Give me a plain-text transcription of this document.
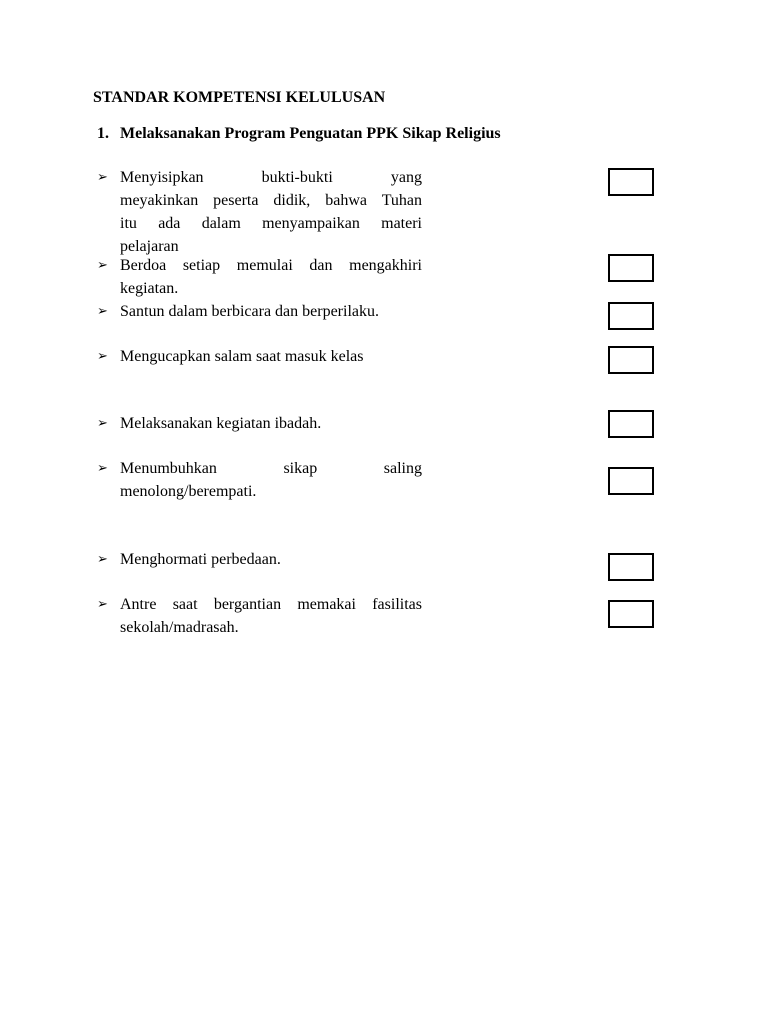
STANDAR KOMPETENSI KELULUSAN
1. Melaksanakan Program Penguatan PPK Sikap Religius
➢ Menyisipkan bukti-bukti yang
meyakinkan peserta didik, bahwa Tuhan
itu ada dalam menyampaikan materi
pelajaran
➢ Berdoa setiap memulai dan mengakhiri
kegiatan.
➢ Santun dalam berbicara dan berperilaku.
➢ Mengucapkan salam saat masuk kelas
➢ Melaksanakan kegiatan ibadah.
➢ Menumbuhkan sikap saling
menolong/berempati.
➢ Menghormati perbedaan.
➢ Antre saat bergantian memakai fasilitas
sekolah/madrasah.
